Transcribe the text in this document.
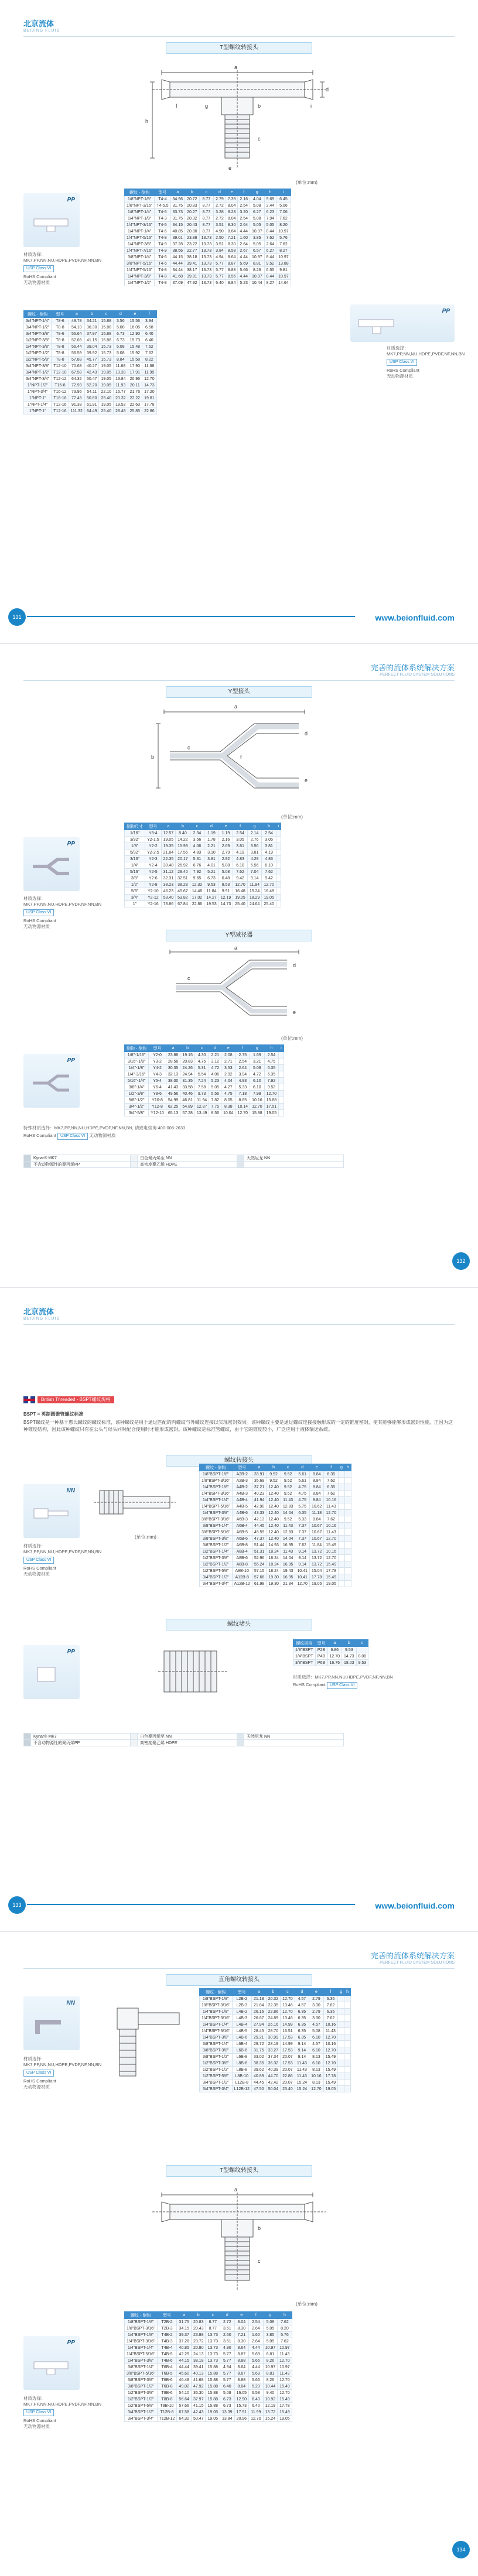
北京流体
BEIJING FLUID
T型螺纹转接头
a
h
d
c
b	i
g
f
e
(单位:mm)
PP
材质选择：MK7,PP,NN,NU,HDPE,PVDF,NF,NN,BN
USP Class VI
RoHS Compliant
无动物源材质
螺纹 - 倒钩	型号	a	b	c	d	e	f	g	h	i
1/8"NPT-1/8"	T4-4	34.96	20.72	8.77	2.79	7.39	2.16	4.04	9.69	6.45
1/8"NPT-3/16"	T4-5.5	31.75	20.83	8.77	2.72	8.04	2.54	5.08	2.44	5.06
1/8"NPT-1/4"	T4-6	33.73	20.27	8.77	3.28	8.28	3.20	6.27	6.23	7.06
1/4"NPT-1/8"	T4-3	31.75	20.32	8.77	2.72	8.04	2.54	5.08	7.94	7.62
1/4"NPT-3/16"	T4-5	34.15	20.43	8.77	3.51	8.30	2.64	5.05	5.05	8.20
1/4"NPT-1/4"	T4-6	40.85	20.80	8.77	4.90	8.64	4.44	10.97	8.44	10.97
1/4"NPT-5/16"	T4-8	39.01	23.88	13.73	2.50	7.21	1.60	3.85	7.62	5.76
1/4"NPT-3/8"	T4-9	37.28	23.72	13.73	3.51	8.30	2.64	5.05	2.64	7.62
1/4"NPT-7/16"	T4-9	38.56	22.77	13.73	3.84	8.58	2.67	6.57	6.27	8.27
3/8"NPT-1/4"	T4-6	44.15	38.18	13.73	4.94	8.64	4.44	10.97	8.44	10.97
3/8"NPT-5/16"	T4-6	44.44	39.41	13.73	5.77	8.87	5.69	8.81	9.52	13.88
1/4"NPT-5/16"	T4-8	34.44	38.17	13.73	5.77	8.88	5.66	8.26	6.55	9.81
1/4"NPT-3/8"	T4-8	41.68	39.81	13.73	5.77	8.56	4.44	10.97	8.44	10.97
1/4"NPT-1/2"	T4-8	37.09	47.92	13.73	6.40	8.84	5.23	10.44	8.27	14.64
螺纹 - 倒钩	型号	a	b	c	d	e	f
3/4"NPT-1/4"	T8-6	49.78	34.21	15.88	3.56	15.56	3.94
3/4"NPT-1/2"	T8-8	54.10	36.30	15.88	5.08	16.05	6.58
3/4"NPT-3/8"	T8-6	56.64	37.97	15.88	6.73	12.90	6.40
1/2"NPT-3/8"	T8-8	57.66	41.15	15.88	6.73	15.73	6.40
1/4"NPT-3/8"	T8-8	56.44	39.04	15.73	5.08	15.48	7.62
1/2"NPT-1/2"	T8-8	56.59	39.92	15.73	5.08	15.92	7.62
1/2"NPT-5/8"	T8-8	57.88	45.77	15.73	8.84	15.58	8.22
3/4"NPT-3/8"	T12-10	70.68	40.27	19.05	11.68	17.90	11.68
3/4"NPT-1/2"	T12-10	67.58	42.43	19.05	13.39	17.91	11.99
3/4"NPT-3/4"	T12-12	64.32	50.47	19.05	13.84	20.96	12.70
1"NPT-1/2"	T16-8	72.93	52.20	19.05	11.93	20.11	14.73
1"NPT-3/4"	T16-12	73.95	54.11	22.10	16.77	21.76	17.20
1"NPT-1"	T16-16	77.45	50.80	25.40	20.32	22.22	19.81
1"NPT-1/4"	T12-16	91.38	61.91	19.05	19.52	22.63	17.78
1"NPT-1"	T12-16	111.32	64.49	25.40	28.48	25.85	22.86
PP
材质选择：MK7,PP,NN,NU,HDPE,PVDF,NF,NN,BN
USP Class VI
RoHS Compliant
无动物源材质
131	www.beionfluid.com
完善的流体系统解决方案
PERFECT FLUID SYSTEM SOLUTIONS
Y型接头
a
b
c
d
e
f
(单位:mm)
PP
材质选择：MK7,PP,NN,NU,HDPE,PVDF,NF,NN,BN
USP Class VI
RoHS Compliant
无动物源材质
倒钩尺寸	型号	a	b	c	d	e	f	g	h	i
1/16"	Y8-4	12.57	8.40	2.34	1.19	1.19	2.54	2.14	2.54	
3/32"	Y2-1.5	19.05	14.22	3.56	1.78	2.16	3.05	2.76	3.05	
1/8"	Y2-2	19.35	15.93	4.06	2.21	2.69	3.81	3.56	3.81	
5/32"	Y2-2.5	21.84	17.55	4.83	3.10	2.79	4.19	3.81	4.19	
3/16"	Y2-3	22.35	20.17	5.31	3.81	2.92	4.83	4.29	4.83	
1/4"	Y2-4	30.48	26.92	6.76	4.01	5.08	6.10	5.56	6.10	
5/16"	Y2-5	31.12	28.40	7.92	5.21	5.08	7.62	7.04	7.62	
3/8"	Y2-6	32.31	32.51	9.65	6.73	6.48	9.42	9.14	9.42	
1/2"	Y2-8	38.23	38.28	12.32	9.53	8.53	12.70	11.94	12.70	
5/8"	Y2-10	46.23	45.67	14.48	11.84	9.91	16.48	15.24	16.48	
3/4"	Y2-12	53.40	53.82	17.02	14.27	12.19	19.05	18.29	19.05	
1"	Y2-16	73.86	67.84	22.86	19.53	14.73	25.40	24.64	25.40	
Y型减径器
a
c
d
e
(单位:mm)
PP
倒钩 - 倒钩	型号	a	b	c	d	e	f	g	h	i
1/8"-1/16"	Y2-0	23.88	19.15	4.30	2.21	2.08	2.75	1.69	2.54	
3/16"-1/8"	Y3-2	28.58	20.83	4.75	3.12	2.71	2.54	3.21	4.75	
1/4"-1/8"	Y4-2	30.35	24.26	5.31	4.72	3.53	2.64	5.08	6.35	
1/4"-3/16"	Y4-3	32.13	24.94	5.54	4.06	2.92	3.94	4.72	6.35	
5/16"-1/4"	Y5-4	38.00	31.35	7.24	5.23	4.04	4.93	6.10	7.92	
3/8"-1/4"	Y6-4	41.43	33.58	7.58	5.05	4.27	5.33	6.10	9.52	
1/2"-3/8"	Y8-6	49.56	40.46	9.73	5.56	4.75	7.18	7.98	12.70	
5/8"-1/2"	Y10-8	54.99	46.81	11.94	7.82	8.05	8.85	10.16	15.88	
3/4"-1/2"	Y12-8	62.25	54.89	12.87	7.75	8.38	10.14	12.70	17.51	
3/4"-5/8"	Y12-10	65.13	57.28	13.49	8.56	10.04	12.70	15.88	19.05	
特殊材质选择：MK7,PP,NN,NU,HDPE,PVDF,NF,NN,BN, 请致电咨询 400-006-2633
RoHS Compliant USP Class VI 无动物源材质
	Kynar® MK7		白色聚丙烯至 NN		天然尼龙 NN
	不含动物源性的聚丙烯PP		高密度聚乙烯 HDPE		
132
北京流体
BEIJING FLUID
British Threaded - BSPT螺纹规格

BSPT = 英制圆锥管螺纹标准

BSPT螺纹是一种基于惠氏螺纹的螺纹标准，该种螺纹是用于通过匹配的内螺纹与外螺纹连接以实现密封效果。该种螺纹主要是通过螺纹连接接触形成的一定的锥度密封，使其能够能够形成密封性能，正因为这种锥度结构，因此该种螺纹只有在公头与母头同时配合使用时才能形成密封。该种螺纹是标准管螺纹，由于它的锥度较小，广泛应用于液体输送系统。

螺纹转接头
NN
材质选择：MK7,PP,NN,NU,HDPE,PVDF,NF,NN,BN
USP Class VI
RoHS Compliant
无动物源材质
(单位:mm)
螺纹 - 倒钩	型号	a	b	c	d	e	f	g	h
1/8"BSPT-1/8"	A2B-2	33.91	9.52	9.52	5.61	8.84	6.35		
1/8"BSPT-3/16"	A2B-3	35.69	9.52	9.52	5.61	8.84	7.62		
1/4"BSPT-1/8"	A4B-2	37.21	12.40	9.52	4.75	8.84	6.35		
1/4"BSPT-3/16"	A4B-3	40.23	12.40	9.52	4.75	8.84	7.62		
1/4"BSPT-1/4"	A4B-4	41.94	12.40	11.43	4.75	8.84	10.16		
1/4"BSPT-5/16"	A4B-5	42.90	12.40	12.83	5.75	10.62	11.43		
1/4"BSPT-3/8"	A4B-6	43.33	12.40	14.04	6.35	11.18	12.70		
3/8"BSPT-3/16"	A6B-3	42.13	12.40	9.52	5.33	8.84	7.62		
3/8"BSPT-1/4"	A6B-4	44.45	12.40	11.43	7.37	10.67	10.16		
3/8"BSPT-5/16"	A6B-5	45.59	12.40	12.83	7.37	10.67	11.43		
3/8"BSPT-3/8"	A6B-6	47.37	12.40	14.04	7.37	10.67	12.70		
3/8"BSPT-1/2"	A6B-8	51.44	14.93	16.95	7.62	11.84	15.49		
1/2"BSPT-1/4"	A8B-4	51.31	18.24	11.43	9.14	13.72	10.16		
1/2"BSPT-3/8"	A8B-6	52.96	18.24	14.04	9.14	13.72	12.70		
1/2"BSPT-1/2"	A8B-8	55.24	18.24	16.95	9.14	13.72	15.49		
1/2"BSPT-5/8"	A8B-10	57.15	18.24	19.43	10.41	15.04	17.78		
3/4"BSPT-1/2"	A12B-8	57.66	19.30	16.95	10.41	17.78	15.49		
3/4"BSPT-3/4"	A12B-12	61.98	19.30	21.34	12.70	19.05	19.05		
螺纹堵头
PP
螺纹规格	型号	a	b	c
1/8"BSPT	P2B	6.86	9.53	
1/4"BSPT	P4B	12.70	14.73	8.00
3/8"BSPT	P6B	16.76	18.03	9.53
材质选择：MK7,PP,NN,NU,HDPE,PVDF,NF,NN,BN
RoHS Compliant USP Class VI
	Kynar® MK7		白色聚丙烯至 NN		天然尼龙 NN
	不含动物源性的聚丙烯PP		高密度聚乙烯 HDPE		
133	www.beionfluid.com
完善的流体系统解决方案
PERFECT FLUID SYSTEM SOLUTIONS
直角螺纹转接头
NN
材质选择：MK7,PP,NN,NU,HDPE,PVDF,NF,NN,BN
USP Class VI
RoHS Compliant
无动物源材质
螺纹 - 倒钩	型号	a	b	c	d	e	f	g	h
1/8"BSPT-1/8"	L2B-2	21.18	20.32	12.70	4.57	2.79	6.35		
1/8"BSPT-3/16"	L2B-3	21.84	22.35	13.46	4.57	3.30	7.62		
1/4"BSPT-1/8"	L4B-2	26.16	22.86	12.70	6.35	2.79	6.35		
1/4"BSPT-3/16"	L4B-3	26.67	24.89	13.46	6.35	3.30	7.62		
1/4"BSPT-1/4"	L4B-4	27.94	26.16	14.99	6.35	4.57	10.16		
1/4"BSPT-5/16"	L4B-5	28.45	28.70	16.51	6.35	5.08	11.43		
1/4"BSPT-3/8"	L4B-6	29.21	30.99	17.53	6.35	6.10	12.70		
3/8"BSPT-1/4"	L6B-4	29.72	28.19	14.99	9.14	4.57	10.16		
3/8"BSPT-3/8"	L6B-6	31.75	33.27	17.53	9.14	6.10	12.70		
3/8"BSPT-1/2"	L6B-8	33.02	37.34	20.07	9.14	8.13	15.49		
1/2"BSPT-3/8"	L8B-6	38.35	36.32	17.53	11.43	6.10	12.70		
1/2"BSPT-1/2"	L8B-8	39.62	40.39	20.07	11.43	8.13	15.49		
1/2"BSPT-5/8"	L8B-10	40.89	44.70	22.86	11.43	10.16	17.78		
3/4"BSPT-1/2"	L12B-8	44.45	42.42	20.07	15.24	8.13	15.49		
3/4"BSPT-3/4"	L12B-12	47.50	50.04	25.40	15.24	12.70	19.05		
T型螺纹转接头
a
c
b
(单位:mm)
PP
材质选择：MK7,PP,NN,NU,HDPE,PVDF,NF,NN,BN
USP Class VI
RoHS Compliant
无动物源材质
螺纹 - 倒钩	型号	a	b	c	d	e	f	g	h
1/8"BSPT-1/8"	T2B-2	31.75	20.83	8.77	2.72	8.04	2.54	5.08	7.62
1/8"BSPT-3/16"	T2B-3	34.15	20.43	8.77	3.51	8.30	2.64	5.05	8.20
1/4"BSPT-1/8"	T4B-2	39.37	23.88	13.73	2.50	7.21	1.60	3.85	5.76
1/4"BSPT-3/16"	T4B-3	37.28	23.72	13.73	3.51	8.30	2.64	5.05	7.62
1/4"BSPT-1/4"	T4B-4	40.85	20.80	13.73	4.90	8.64	4.44	10.97	10.97
1/4"BSPT-5/16"	T4B-5	42.29	24.13	13.73	5.77	8.87	5.69	8.81	11.43
1/4"BSPT-3/8"	T4B-6	44.15	38.18	13.73	5.77	8.88	5.66	8.26	12.70
3/8"BSPT-1/4"	T6B-4	44.44	39.41	15.88	4.94	8.64	4.44	10.97	10.97
3/8"BSPT-5/16"	T6B-5	45.60	40.13	15.88	5.77	8.87	5.69	8.81	11.43
3/8"BSPT-3/8"	T6B-6	46.48	41.68	15.88	5.77	8.88	5.66	8.26	12.70
3/8"BSPT-1/2"	T6B-8	49.02	47.92	15.88	6.40	8.84	5.23	10.44	15.49
1/2"BSPT-3/8"	T8B-6	54.10	36.30	15.88	5.08	16.05	6.58	9.40	12.70
1/2"BSPT-1/2"	T8B-8	56.64	37.97	15.88	6.73	12.90	6.40	10.92	15.49
1/2"BSPT-5/8"	T8B-10	57.66	41.15	15.88	6.73	15.73	6.40	12.19	17.78
3/4"BSPT-1/2"	T12B-8	67.58	42.43	19.05	13.39	17.91	11.99	13.72	15.49
3/4"BSPT-3/4"	T12B-12	64.32	50.47	19.05	13.84	20.96	12.70	15.24	19.05
134
